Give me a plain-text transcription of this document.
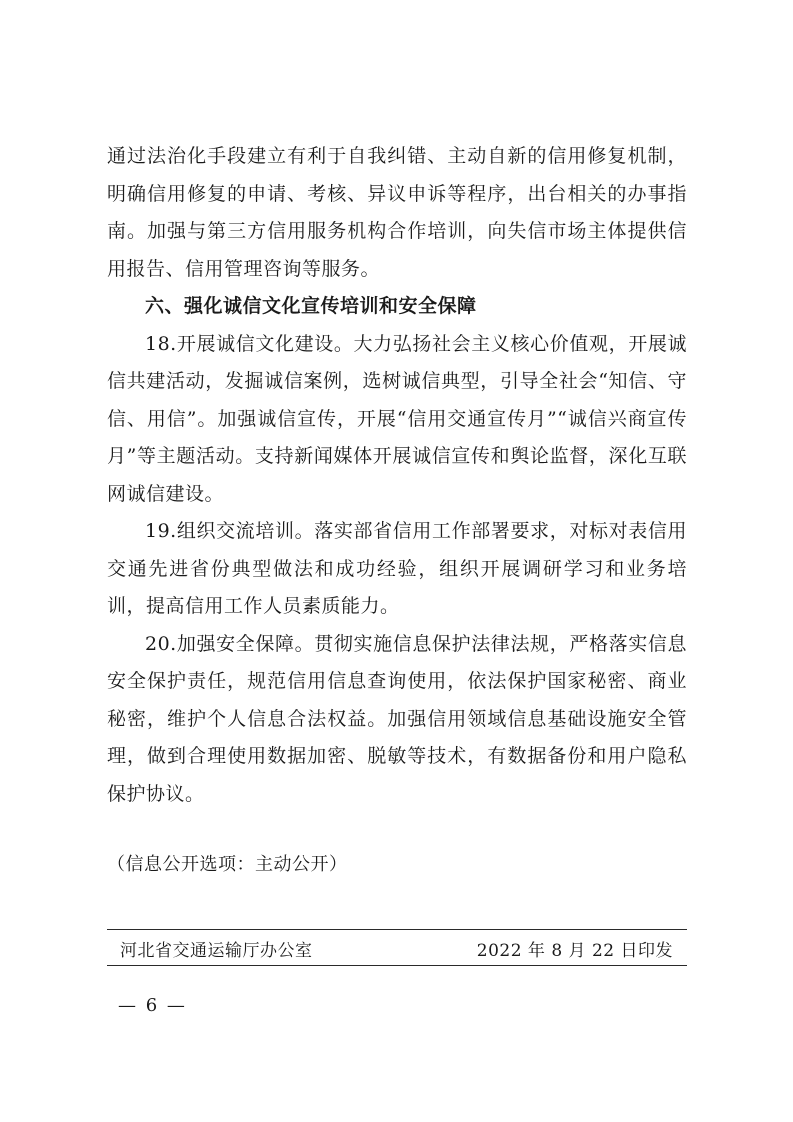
通过法治化手段建立有利于自我纠错、主动自新的信用修复机制，明确信用修复的申请、考核、异议申诉等程序，出台相关的办事指南。加强与第三方信用服务机构合作培训，向失信市场主体提供信用报告、信用管理咨询等服务。

六、强化诚信文化宣传培训和安全保障

18.开展诚信文化建设。大力弘扬社会主义核心价值观，开展诚信共建活动，发掘诚信案例，选树诚信典型，引导全社会“知信、守信、用信”。加强诚信宣传，开展“信用交通宣传月”“诚信兴商宣传月”等主题活动。支持新闻媒体开展诚信宣传和舆论监督，深化互联网诚信建设。

19.组织交流培训。落实部省信用工作部署要求，对标对表信用交通先进省份典型做法和成功经验，组织开展调研学习和业务培训，提高信用工作人员素质能力。

20.加强安全保障。贯彻实施信息保护法律法规，严格落实信息安全保护责任，规范信用信息查询使用，依法保护国家秘密、商业秘密，维护个人信息合法权益。加强信用领域信息基础设施安全管理，做到合理使用数据加密、脱敏等技术，有数据备份和用户隐私保护协议。

（信息公开选项：主动公开）

河北省交通运输厅办公室	2022 年 8 月 22 日印发
— 6 —
